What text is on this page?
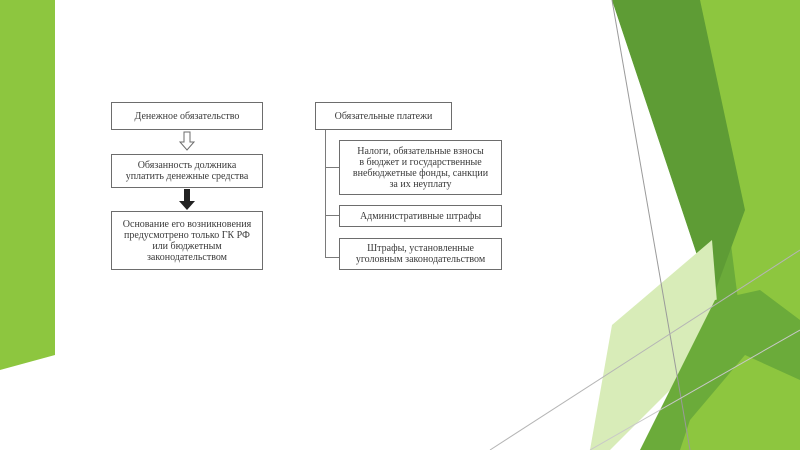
Денежное обязательство
Обязанность должника
уплатить денежные средства
Основание его возникновения
предусмотрено только ГК РФ
или бюджетным
законодательством
Обязательные платежи
Налоги, обязательные взносы
в бюджет и государственные
внебюджетные фонды, санкции
за их неуплату
Административные штрафы
Штрафы, установленные
уголовным законодательством
